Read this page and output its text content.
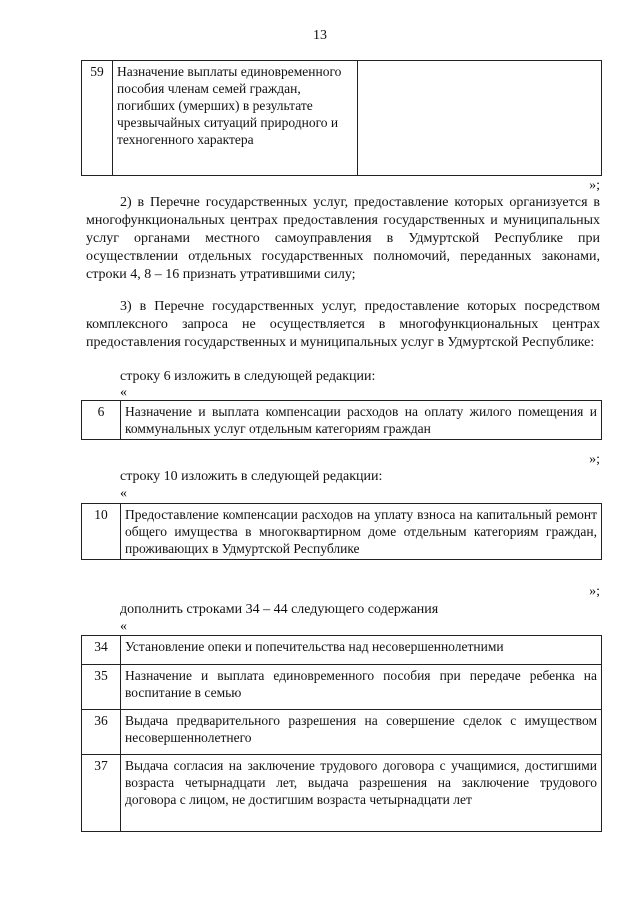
13
59	Назначение выплаты единовременного пособия членам семей граждан, погибших (умерших) в результате чрезвычайных ситуаций природного и техногенного характера	
»;
2) в Перечне государственных услуг, предоставление которых организуется в многофункциональных центрах предоставления государственных и муниципальных услуг органами местного самоуправления в Удмуртской Республике при осуществлении отдельных государственных полномочий, переданных законами, строки 4, 8 – 16 признать утратившими силу;
3) в Перечне государственных услуг, предоставление которых посредством комплексного запроса не осуществляется в многофункциональных центрах предоставления государственных и муниципальных услуг в Удмуртской Республике:
строку 6 изложить в следующей редакции:
«
6	Назначение и выплата компенсации расходов на оплату жилого помещения и коммунальных услуг отдельным категориям граждан
»;
строку 10 изложить в следующей редакции:
«
10	Предоставление компенсации расходов на уплату взноса на капитальный ремонт общего имущества в многоквартирном доме отдельным категориям граждан, проживающих в Удмуртской Республике
»;
дополнить строками 34 – 44 следующего содержания
«
34	Установление опеки и попечительства над несовершеннолетними
35	Назначение и выплата единовременного пособия при передаче ребенка на воспитание в семью
36	Выдача предварительного разрешения на совершение сделок с имуществом несовершеннолетнего
37	Выдача согласия на заключение трудового договора с учащимися, достигшими возраста четырнадцати лет, выдача разрешения на заключение трудового договора с лицом, не достигшим возраста четырнадцати лет
